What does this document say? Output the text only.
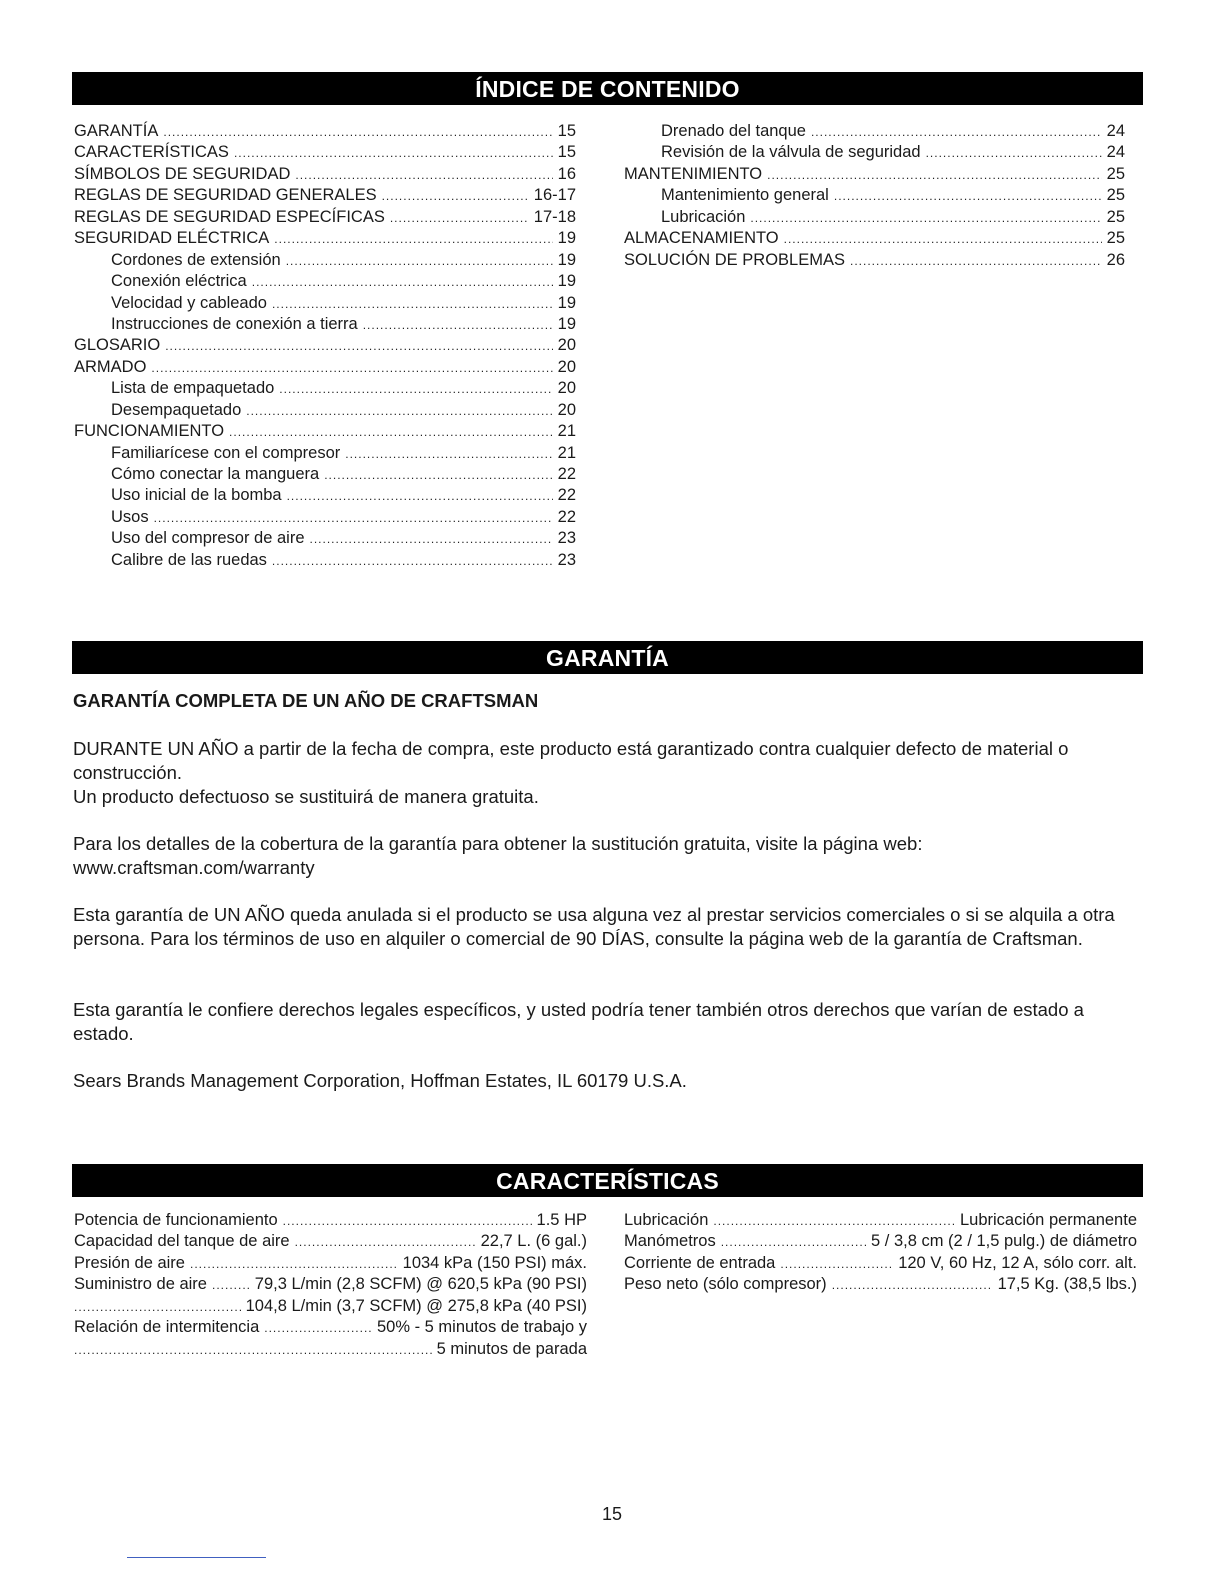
ÍNDICE DE CONTENIDO
GARANTÍA .....	15
CARACTERÍSTICAS .....	15
SÍMBOLOS DE SEGURIDAD .....	16
REGLAS DE SEGURIDAD GENERALES .....	16-17
REGLAS DE SEGURIDAD ESPECÍFICAS .....	17-18
SEGURIDAD ELÉCTRICA .....	19
Cordones de extensión .....	19
Conexión eléctrica .....	19
Velocidad y cableado .....	19
Instrucciones de conexión a tierra .....	19
GLOSARIO .....	20
ARMADO .....	20
Lista de empaquetado .....	20
Desempaquetado .....	20
FUNCIONAMIENTO .....	21
Familiarícese con el compresor .....	21
Cómo conectar la manguera .....	22
Uso inicial de la bomba .....	22
Usos .....	22
Uso del compresor de aire .....	23
Calibre de las ruedas .....	23
Drenado del tanque .....	24
Revisión de la válvula de seguridad .....	24
MANTENIMIENTO .....	25
Mantenimiento general .....	25
Lubricación .....	25
ALMACENAMIENTO .....	25
SOLUCIÓN DE PROBLEMAS .....	26
GARANTÍA
GARANTÍA COMPLETA DE UN AÑO DE CRAFTSMAN
DURANTE UN AÑO a partir de la fecha de compra, este producto está garantizado contra cualquier defecto de material o construcción.
Un producto defectuoso se sustituirá de manera gratuita.
Para los detalles de la cobertura de la garantía para obtener la sustitución gratuita, visite la página web:
www.craftsman.com/warranty
Esta garantía de UN AÑO queda anulada si el producto se usa alguna vez al prestar servicios comerciales o si se alquila a otra persona. Para los términos de uso en alquiler o comercial de 90 DÍAS, consulte la página web de la garantía de Craftsman.
Esta garantía le confiere derechos legales específicos, y usted podría tener también otros derechos que varían de estado a estado.
Sears Brands Management Corporation, Hoffman Estates, IL 60179 U.S.A.
CARACTERÍSTICAS
Potencia de funcionamiento .....	1.5 HP
Capacidad del tanque de aire .....	22,7 L. (6 gal.)
Presión de aire .....	1034 kPa (150 PSI) máx.
Suministro de aire .....	79,3 L/min (2,8 SCFM) @ 620,5 kPa (90 PSI)
.....
104,8 L/min (3,7 SCFM) @ 275,8 kPa (40 PSI)
Relación de intermitencia .....	50% - 5 minutos de trabajo y
.....
5 minutos de parada
Lubricación .....	Lubricación permanente
Manómetros .....	5 / 3,8 cm (2 / 1,5 pulg.) de diámetro
Corriente de entrada .....	120 V, 60 Hz, 12 A, sólo corr. alt.
Peso neto (sólo compresor) .....	17,5 Kg. (38,5 lbs.)
15
